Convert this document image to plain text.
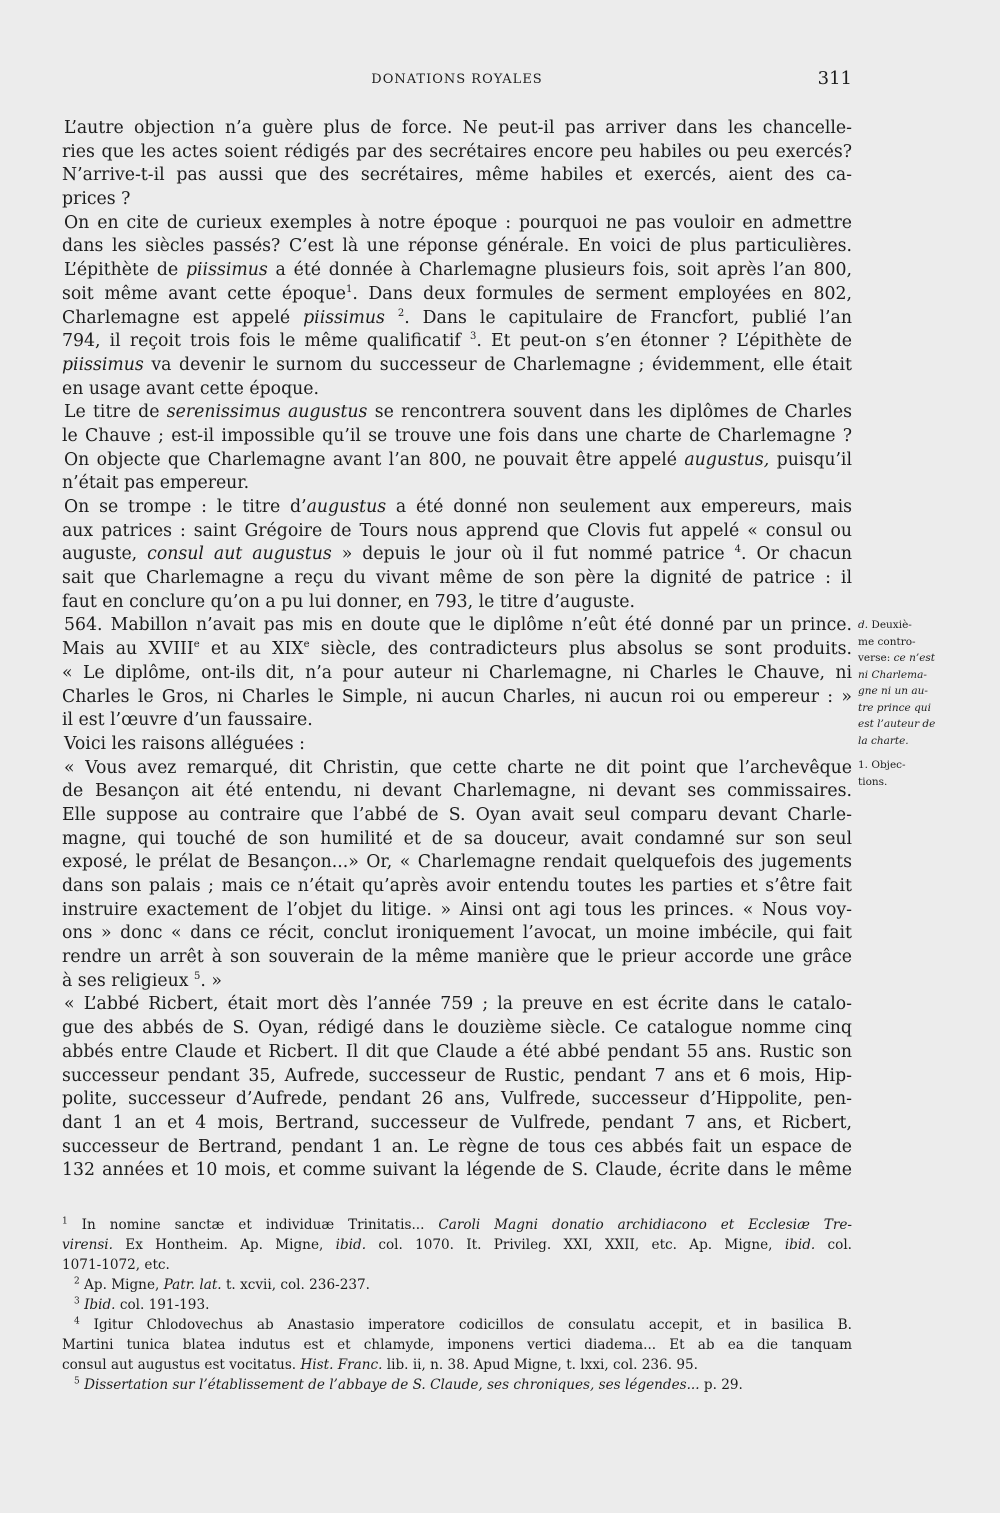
DONATIONS ROYALES	311
L’autre objection n’a guère plus de force. Ne peut-il pas arriver dans les chancelle-
ries que les actes soient rédigés par des secrétaires encore peu habiles ou peu exercés?
N’arrive-t-il pas aussi que des secrétaires, même habiles et exercés, aient des ca-
prices ?
On en cite de curieux exemples à notre époque : pourquoi ne pas vouloir en admettre
dans les siècles passés? C’est là une réponse générale. En voici de plus particulières.
L’épithète de piissimus a été donnée à Charlemagne plusieurs fois, soit après l’an 800,
soit même avant cette époque$^1$. Dans deux formules de serment employées en 802,
Charlemagne est appelé piissimus $^2$. Dans le capitulaire de Francfort, publié l’an
794, il reçoit trois fois le même qualificatif $^3$. Et peut-on s’en étonner ? L’épithète de
piissimus va devenir le surnom du successeur de Charlemagne ; évidemment, elle était
en usage avant cette époque.
Le titre de serenissimus augustus se rencontrera souvent dans les diplômes de Charles
le Chauve ; est-il impossible qu’il se trouve une fois dans une charte de Charlemagne ?
On objecte que Charlemagne avant l’an 800, ne pouvait être appelé augustus, puisqu’il
n’était pas empereur.
On se trompe : le titre d’augustus a été donné non seulement aux empereurs, mais
aux patrices : saint Grégoire de Tours nous apprend que Clovis fut appelé « consul ou
auguste, consul aut augustus » depuis le jour où il fut nommé patrice $^4$. Or chacun
sait que Charlemagne a reçu du vivant même de son père la dignité de patrice : il
faut en conclure qu’on a pu lui donner, en 793, le titre d’auguste.
564. Mabillon n’avait pas mis en doute que le diplôme n’eût été donné par un prince.
Mais au XVIIIe et au XIXe siècle, des contradicteurs plus absolus se sont produits.
« Le diplôme, ont-ils dit, n’a pour auteur ni Charlemagne, ni Charles le Chauve, ni
Charles le Gros, ni Charles le Simple, ni aucun Charles, ni aucun roi ou empereur : »
il est l’œuvre d’un faussaire.
Voici les raisons alléguées :
« Vous avez remarqué, dit Christin, que cette charte ne dit point que l’archevêque
de Besançon ait été entendu, ni devant Charlemagne, ni devant ses commissaires.
Elle suppose au contraire que l’abbé de S. Oyan avait seul comparu devant Charle-
magne, qui touché de son humilité et de sa douceur, avait condamné sur son seul
exposé, le prélat de Besançon...» Or, « Charlemagne rendait quelquefois des jugements
dans son palais ; mais ce n’était qu’après avoir entendu toutes les parties et s’être fait
instruire exactement de l’objet du litige. » Ainsi ont agi tous les princes. « Nous voy-
ons » donc « dans ce récit, conclut ironiquement l’avocat, un moine imbécile, qui fait
rendre un arrêt à son souverain de la même manière que le prieur accorde une grâce
à ses religieux $^5$. »
« L’abbé Ricbert, était mort dès l’année 759 ; la preuve en est écrite dans le catalo-
gue des abbés de S. Oyan, rédigé dans le douzième siècle. Ce catalogue nomme cinq
abbés entre Claude et Ricbert. Il dit que Claude a été abbé pendant 55 ans. Rustic son
successeur pendant 35, Aufrede, successeur de Rustic, pendant 7 ans et 6 mois, Hip-
polite, successeur d’Aufrede, pendant 26 ans, Vulfrede, successeur d’Hippolite, pen-
dant 1 an et 4 mois, Bertrand, successeur de Vulfrede, pendant 7 ans, et Ricbert,
successeur de Bertrand, pendant 1 an. Le règne de tous ces abbés fait un espace de
132 années et 10 mois, et comme suivant la légende de S. Claude, écrite dans le même
d. Deuxiè-
me contro-
verse: ce n’est
ni Charlema-
gne ni un au-
tre prince qui
est l’auteur de
la charte.
1. Objec-
tions.
$^1$ In nomine sanctæ et individuæ Trinitatis... Caroli Magni donatio archidiacono et Ecclesiæ Tre-
virensi. Ex Hontheim. Ap. Migne, ibid. col. 1070. It. Privileg. XXI, XXII, etc. Ap. Migne, ibid. col.
1071-1072, etc.
$^2$ Ap. Migne, Patr. lat. t. xcvii, col. 236-237.
$^3$ Ibid. col. 191-193.
$^4$ Igitur Chlodovechus ab Anastasio imperatore codicillos de consulatu accepit, et in basilica B.
Martini tunica blatea indutus est et chlamyde, imponens vertici diadema... Et ab ea die tanquam
consul aut augustus est vocitatus. Hist. Franc. lib. ii, n. 38. Apud Migne, t. lxxi, col. 236. 95.
$^5$ Dissertation sur l’établissement de l’abbaye de S. Claude, ses chroniques, ses légendes... p. 29.
